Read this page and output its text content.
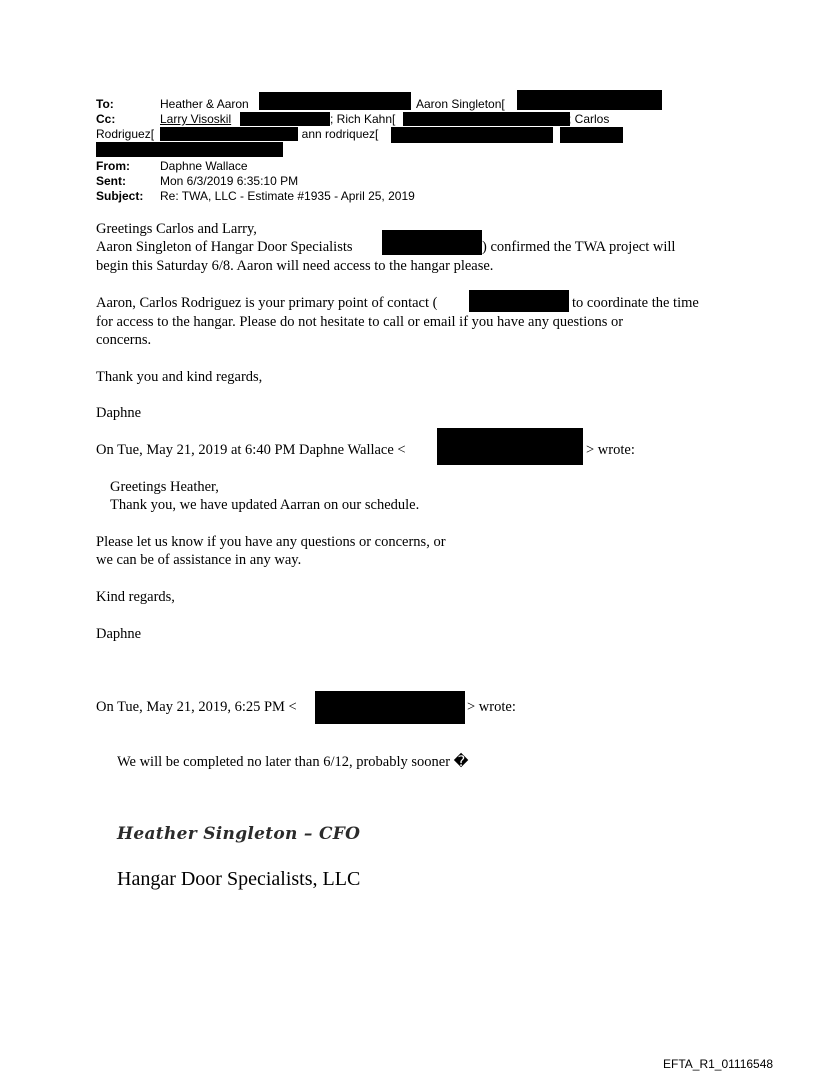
To:	Heather & Aaron	Aaron Singleton[
Cc:	Larry Visoskil	; Rich Kahn[	; Carlos
Rodriguez[	; ann rodriquez[
From:	Daphne Wallace
Sent:	Mon 6/3/2019 6:35:10 PM
Subject: Re: TWA, LLC - Estimate #1935 - April 25, 2019
Greetings Carlos and Larry,
Aaron Singleton of Hangar Door Specialists	) confirmed the TWA project will
begin this Saturday 6/8. Aaron will need access to the hangar please.
Aaron, Carlos Rodriguez is your primary point of contact (	to coordinate the time
for access to the hangar. Please do not hesitate to call or email if you have any questions or
concerns.
Thank you and kind regards,
Daphne
On Tue, May 21, 2019 at 6:40 PM Daphne Wallace <	> wrote:
Greetings Heather,
Thank you, we have updated Aarran on our schedule.
Please let us know if you have any questions or concerns, or
we can be of assistance in any way.
Kind regards,
Daphne
On Tue, May 21, 2019, 6:25 PM <	> wrote:
We will be completed no later than 6/12, probably sooner �
Heather Singleton – CFO
Hangar Door Specialists, LLC
EFTA_R1_01116548
